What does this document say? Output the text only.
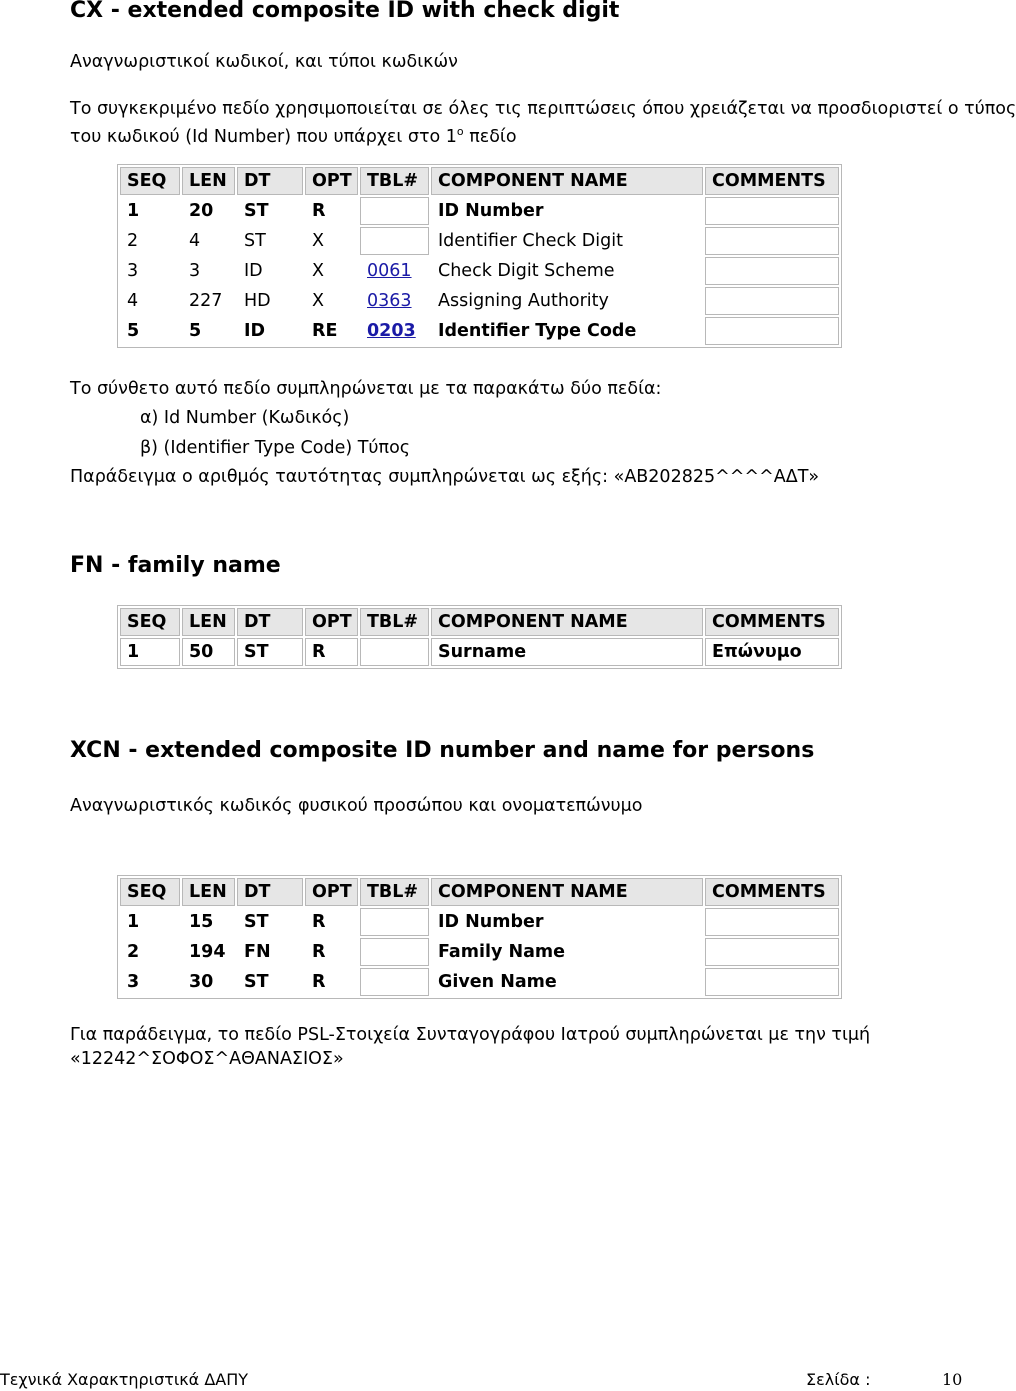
CX - extended composite ID with check digit
Αναγνωριστικοί κωδικοί, και τύποι κωδικών
Το συγκεκριμένο πεδίο χρησιμοποιείται σε όλες τις περιπτώσεις όπου χρειάζεται να προσδιοριστεί ο τύπος
του κωδικού (Id Number) που υπάρχει στο $1^o$ πεδίο
SEQ	LEN	DT	OPT	TBL#	COMPONENT NAME	COMMENTS
1	20	ST	R		ID Number	
2	4	ST	X		Identifier Check Digit	
3	3	ID	X	0061	Check Digit Scheme	
4	227	HD	X	0363	Assigning Authority	
5	5	ID	RE	0203	Identifier Type Code	
Το σύνθετο αυτό πεδίο συμπληρώνεται με τα παρακάτω δύο πεδία:
α) Id Number (Κωδικός)
β) (Identifier Type Code) Τύπος
Παράδειγμα ο αριθμός ταυτότητας συμπληρώνεται ως εξής: «ΑΒ202825^^^^ΑΔΤ»
FN - family name
SEQ	LEN	DT	OPT	TBL#	COMPONENT NAME	COMMENTS
1	50	ST	R		Surname	Επώνυμο
XCN - extended composite ID number and name for persons
Αναγνωριστικός κωδικός φυσικού προσώπου και ονοματεπώνυμο
SEQ	LEN	DT	OPT	TBL#	COMPONENT NAME	COMMENTS
1	15	ST	R		ID Number	
2	194	FN	R		Family Name	
3	30	ST	R		Given Name	
Για παράδειγμα, το πεδίο PSL-Στοιχεία Συνταγογράφου Ιατρού συμπληρώνεται με την τιμή
«12242^ΣΟΦΟΣ^ΑΘΑΝΑΣΙΟΣ»
Τεχνικά Χαρακτηριστικά ΔΑΠΥ	Σελίδα :	10
